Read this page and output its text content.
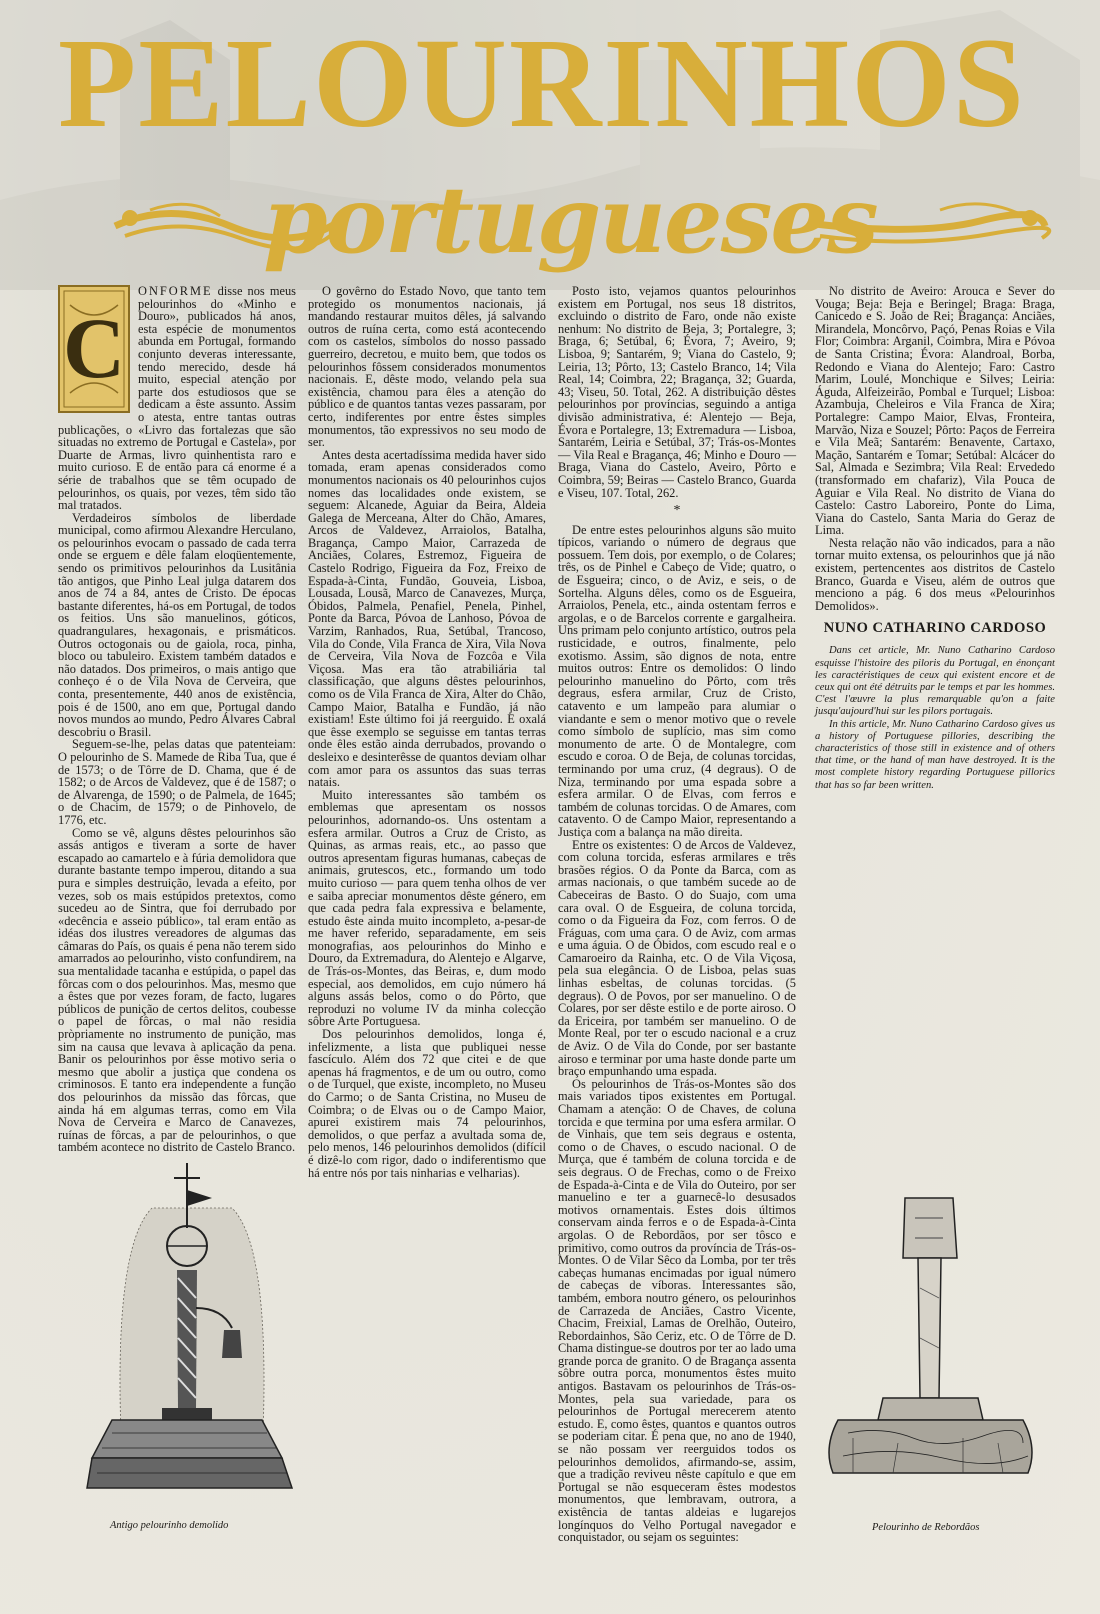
PELOURINHOS
portugueses
C

ONFORME disse nos meus pelourinhos do «Minho e Douro», publicados há anos, esta espécie de monumentos abunda em Portugal, formando conjunto deveras interessante, tendo merecido, desde há muito, especial atenção por parte dos estudiosos que se dedicam a êste assunto. Assim o atesta, entre tantas outras publicações, o «Livro das fortalezas que são situadas no extremo de Portugal e Castela», por Duarte de Armas, livro quinhentista raro e muito curioso. E de então para cá enorme é a série de trabalhos que se têm ocupado de pelourinhos, os quais, por vezes, têm sido tão mal tratados.

Verdadeiros símbolos de liberdade municipal, como afirmou Alexandre Herculano, os pelourinhos evocam o passado de cada terra onde se erguem e dêle falam eloqüentemente, sendo os primitivos pelourinhos da Lusitânia tão antigos, que Pinho Leal julga datarem dos anos de 74 a 84, antes de Cristo. De épocas bastante diferentes, há-os em Portugal, de todos os feitios. Uns são manuelinos, góticos, quadrangulares, hexagonais, e prismáticos. Outros octogonais ou de gaiola, roca, pinha, bloco ou tabuleiro. Existem também datados e não datados. Dos primeiros, o mais antigo que conheço é o de Vila Nova de Cerveira, que conta, presentemente, 440 anos de existência, pois é de 1500, ano em que, Portugal dando novos mundos ao mundo, Pedro Álvares Cabral descobriu o Brasil.

Seguem-se-lhe, pelas datas que patenteiam: O pelourinho de S. Mamede de Riba Tua, que é de 1573; o de Tôrre de D. Chama, que é de 1582; o de Arcos de Valdevez, que é de 1587; o de Alvarenga, de 1590; o de Palmela, de 1645; o de Chacim, de 1579; o de Pinhovelo, de 1776, etc.

Como se vê, alguns dêstes pelourinhos são assás antigos e tiveram a sorte de haver escapado ao camartelo e à fúria demolidora que durante bastante tempo imperou, ditando a sua pura e simples destruição, levada a efeito, por vezes, sob os mais estúpidos pretextos, como sucedeu ao de Sintra, que foi derrubado por «decência e asseio público», tal eram então as idéas dos ilustres vereadores de algumas das câmaras do País, os quais é pena não terem sido amarrados ao pelourinho, visto confundirem, na sua mentalidade tacanha e estúpida, o papel das fôrcas com o dos pelourinhos. Mas, mesmo que a êstes que por vezes foram, de facto, lugares públicos de punição de certos delitos, coubesse o papel de fôrcas, o mal não residia pròpriamente no instrumento de punição, mas sim na causa que levava à aplicação da pena. Banir os pelourinhos por êsse motivo seria o mesmo que abolir a justiça que condena os criminosos. E tanto era independente a função dos pelourinhos da missão das fôrcas, que ainda há em algumas terras, como em Vila Nova de Cerveira e Marco de Canavezes, ruínas de fôrcas, a par de pelourinhos, o que também acontece no distrito de Castelo Branco.

O govêrno do Estado Novo, que tanto tem protegido os monumentos nacionais, já mandando restaurar muitos dêles, já salvando outros de ruína certa, como está acontecendo com os castelos, símbolos do nosso passado guerreiro, decretou, e muito bem, que todos os pelourinhos fôssem considerados monumentos nacionais. E, dêste modo, velando pela sua existência, chamou para êles a atenção do público e de quantos tantas vezes passaram, por certo, indiferentes por entre êstes simples monumentos, tão expressivos no seu modo de ser.

Antes desta acertadíssima medida haver sido tomada, eram apenas considerados como monumentos nacionais os 40 pelourinhos cujos nomes das localidades onde existem, se seguem: Alcanede, Aguiar da Beira, Aldeia Galega de Merceana, Alter do Chão, Amares, Arcos de Valdevez, Arraiolos, Batalha, Bragança, Campo Maior, Carrazeda de Anciães, Colares, Estremoz, Figueira de Castelo Rodrigo, Figueira da Foz, Freixo de Espada-à-Cinta, Fundão, Gouveia, Lisboa, Lousada, Lousã, Marco de Canavezes, Murça, Óbidos, Palmela, Penafiel, Penela, Pinhel, Ponte da Barca, Póvoa de Lanhoso, Póvoa de Varzim, Ranhados, Rua, Setúbal, Trancoso, Vila do Conde, Vila Franca de Xira, Vila Nova de Cerveira, Vila Nova de Fozcôa e Vila Viçosa. Mas era tão atrabiliária tal classificação, que alguns dêstes pelourinhos, como os de Vila Franca de Xira, Alter do Chão, Campo Maior, Batalha e Fundão, já não existiam! Este último foi já reerguido. E oxalá que êsse exemplo se seguisse em tantas terras onde êles estão ainda derrubados, provando o desleixo e desinterêsse de quantos deviam olhar com amor para os assuntos das suas terras natais.

Muito interessantes são também os emblemas que apresentam os nossos pelourinhos, adornando-os. Uns ostentam a esfera armilar. Outros a Cruz de Cristo, as Quinas, as armas reais, etc., ao passo que outros apresentam figuras humanas, cabeças de animais, grutescos, etc., formando um todo muito curioso — para quem tenha olhos de ver e saiba apreciar monumentos dêste género, em que cada pedra fala expressiva e belamente, estudo êste ainda muito incompleto, a-pesar-de me haver referido, separadamente, em seis monografias, aos pelourinhos do Minho e Douro, da Extremadura, do Alentejo e Algarve, de Trás-os-Montes, das Beiras, e, dum modo especial, aos demolidos, em cujo número há alguns assás belos, como o do Pôrto, que reproduzi no volume IV da minha colecção sôbre Arte Portuguesa.

Dos pelourinhos demolidos, longa é, infelizmente, a lista que publiquei nesse fascículo. Além dos 72 que citei e de que apenas há fragmentos, e de um ou outro, como o de Turquel, que existe, incompleto, no Museu do Carmo; o de Santa Cristina, no Museu de Coimbra; o de Elvas ou o de Campo Maior, apurei existirem mais 74 pelourinhos, demolidos, o que perfaz a avultada soma de, pelo menos, 146 pelourinhos demolidos (difícil é dizê-lo com rigor, dado o indiferentismo que há entre nós por tais ninharias e velharias).

Posto isto, vejamos quantos pelourinhos existem em Portugal, nos seus 18 distritos, excluindo o distrito de Faro, onde não existe nenhum: No distrito de Beja, 3; Portalegre, 3; Braga, 6; Setúbal, 6; Évora, 7; Aveiro, 9; Lisboa, 9; Santarém, 9; Viana do Castelo, 9; Leiria, 13; Pôrto, 13; Castelo Branco, 14; Vila Real, 14; Coimbra, 22; Bragança, 32; Guarda, 43; Viseu, 50. Total, 262. A distribuição dêstes pelourinhos por províncias, seguindo a antiga divisão administrativa, é: Alentejo — Beja, Évora e Portalegre, 13; Extremadura — Lisboa, Santarém, Leiria e Setúbal, 37; Trás-os-Montes — Vila Real e Bragança, 46; Minho e Douro — Braga, Viana do Castelo, Aveiro, Pôrto e Coimbra, 59; Beiras — Castelo Branco, Guarda e Viseu, 107. Total, 262.

*

De entre estes pelourinhos alguns são muito típicos, variando o número de degraus que possuem. Tem dois, por exemplo, o de Colares; três, os de Pinhel e Cabeço de Vide; quatro, o de Esgueira; cinco, o de Aviz, e seis, o de Sortelha. Alguns dêles, como os de Esgueira, Arraiolos, Penela, etc., ainda ostentam ferros e argolas, e o de Barcelos corrente e gargalheira. Uns primam pelo conjunto artístico, outros pela rusticidade, e outros, finalmente, pelo exotismo. Assim, são dignos de nota, entre muitos outros: Entre os demolidos: O lindo pelourinho manuelino do Pôrto, com três degraus, esfera armilar, Cruz de Cristo, catavento e um lampeão para alumiar o viandante e sem o menor motivo que o revele como símbolo de suplício, mas sim como monumento de arte. O de Montalegre, com escudo e coroa. O de Beja, de colunas torcidas, terminando por uma cruz, (4 degraus). O de Niza, terminando por uma espada sobre a esfera armilar. O de Elvas, com ferros e também de colunas torcidas. O de Amares, com catavento. O de Campo Maior, representando a Justiça com a balança na mão direita.

Entre os existentes: O de Arcos de Valdevez, com coluna torcida, esferas armilares e três brasões régios. O da Ponte da Barca, com as armas nacionais, o que também sucede ao de Cabeceiras de Basto. O do Suajo, com uma cara oval. O de Esgueira, de coluna torcida, como o da Figueira da Foz, com ferros. O de Fráguas, com uma cara. O de Aviz, com armas e uma águia. O de Óbidos, com escudo real e o Camaroeiro da Rainha, etc. O de Vila Viçosa, pela sua elegância. O de Lisboa, pelas suas linhas esbeltas, de colunas torcidas. (5 degraus). O de Povos, por ser manuelino. O de Colares, por ser dêste estilo e de porte airoso. O da Ericeira, por também ser manuelino. O de Monte Real, por ter o escudo nacional e a cruz de Aviz. O de Vila do Conde, por ser bastante airoso e terminar por uma haste donde parte um braço empunhando uma espada.

Os pelourinhos de Trás-os-Montes são dos mais variados tipos existentes em Portugal. Chamam a atenção: O de Chaves, de coluna torcida e que termina por uma esfera armilar. O de Vinhais, que tem seis degraus e ostenta, como o de Chaves, o escudo nacional. O de Murça, que é também de coluna torcida e de seis degraus. O de Frechas, como o de Freixo de Espada-à-Cinta e de Vila do Outeiro, por ser manuelino e ter a guarnecê-lo desusados motivos ornamentais. Estes dois últimos conservam ainda ferros e o de Espada-à-Cinta argolas. O de Rebordãos, por ser tôsco e primitivo, como outros da província de Trás-os-Montes. O de Vilar Sêco da Lomba, por ter três cabeças humanas encimadas por igual número de cabeças de víboras. Interessantes são, também, embora noutro género, os pelourinhos de Carrazeda de Anciães, Castro Vicente, Chacim, Freixial, Lamas de Orelhão, Outeiro, Rebordainhos, São Ceriz, etc. O de Tôrre de D. Chama distingue-se doutros por ter ao lado uma grande porca de granito. O de Bragança assenta sôbre outra porca, monumentos êstes muito antigos. Bastavam os pelourinhos de Trás-os-Montes, pela sua variedade, para os pelourinhos de Portugal merecerem atento estudo. E, como êstes, quantos e quantos outros se poderiam citar. É pena que, no ano de 1940, se não possam ver reerguidos todos os pelourinhos demolidos, afirmando-se, assim, que a tradição reviveu nêste capítulo e que em Portugal se não esqueceram êstes modestos monumentos, que lembravam, outrora, a existência de tantas aldeias e lugarejos longínquos do Velho Portugal navegador e conquistador, ou sejam os seguintes:

No distrito de Aveiro: Arouca e Sever do Vouga; Beja: Beja e Beringel; Braga: Braga, Canicedo e S. João de Rei; Bragança: Anciães, Mirandela, Moncôrvo, Paçó, Penas Roias e Vila Flor; Coimbra: Arganil, Coimbra, Mira e Póvoa de Santa Cristina; Évora: Alandroal, Borba, Redondo e Viana do Alentejo; Faro: Castro Marim, Loulé, Monchique e Silves; Leiria: Águda, Alfeizeirão, Pombal e Turquel; Lisboa: Azambuja, Cheleiros e Vila Franca de Xira; Portalegre: Campo Maior, Elvas, Fronteira, Marvão, Niza e Souzel; Pôrto: Paços de Ferreira e Vila Meã; Santarém: Benavente, Cartaxo, Mação, Santarém e Tomar; Setúbal: Alcácer do Sal, Almada e Sezimbra; Vila Real: Ervededo (transformado em chafariz), Vila Pouca de Aguiar e Vila Real. No distrito de Viana do Castelo: Castro Laboreiro, Ponte do Lima, Viana do Castelo, Santa Maria do Geraz de Lima.

Nesta relação não vão indicados, para a não tornar muito extensa, os pelourinhos que já não existem, pertencentes aos distritos de Castelo Branco, Guarda e Viseu, além de outros que menciono a pág. 6 dos meus «Pelourinhos Demolidos».

NUNO CATHARINO CARDOSO

Dans cet article, Mr. Nuno Catharino Cardoso esquisse l'histoire des piloris du Portugal, en énonçant les caractéristiques de ceux qui existent encore et de ceux qui ont été détruits par le temps et par les hommes. C'est l'œuvre la plus remarquable qu'on a faite jusqu'aujourd'hui sur les pilors portugais.

In this article, Mr. Nuno Catharino Cardoso gives us a history of Portuguese pillories, describing the characteristics of those still in existence and of others that time, or the hand of man have destroyed. It is the most complete history regarding Portuguese pillorics that has so far been written.

Antigo pelourinho demolido	Pelourinho de Rebordãos
